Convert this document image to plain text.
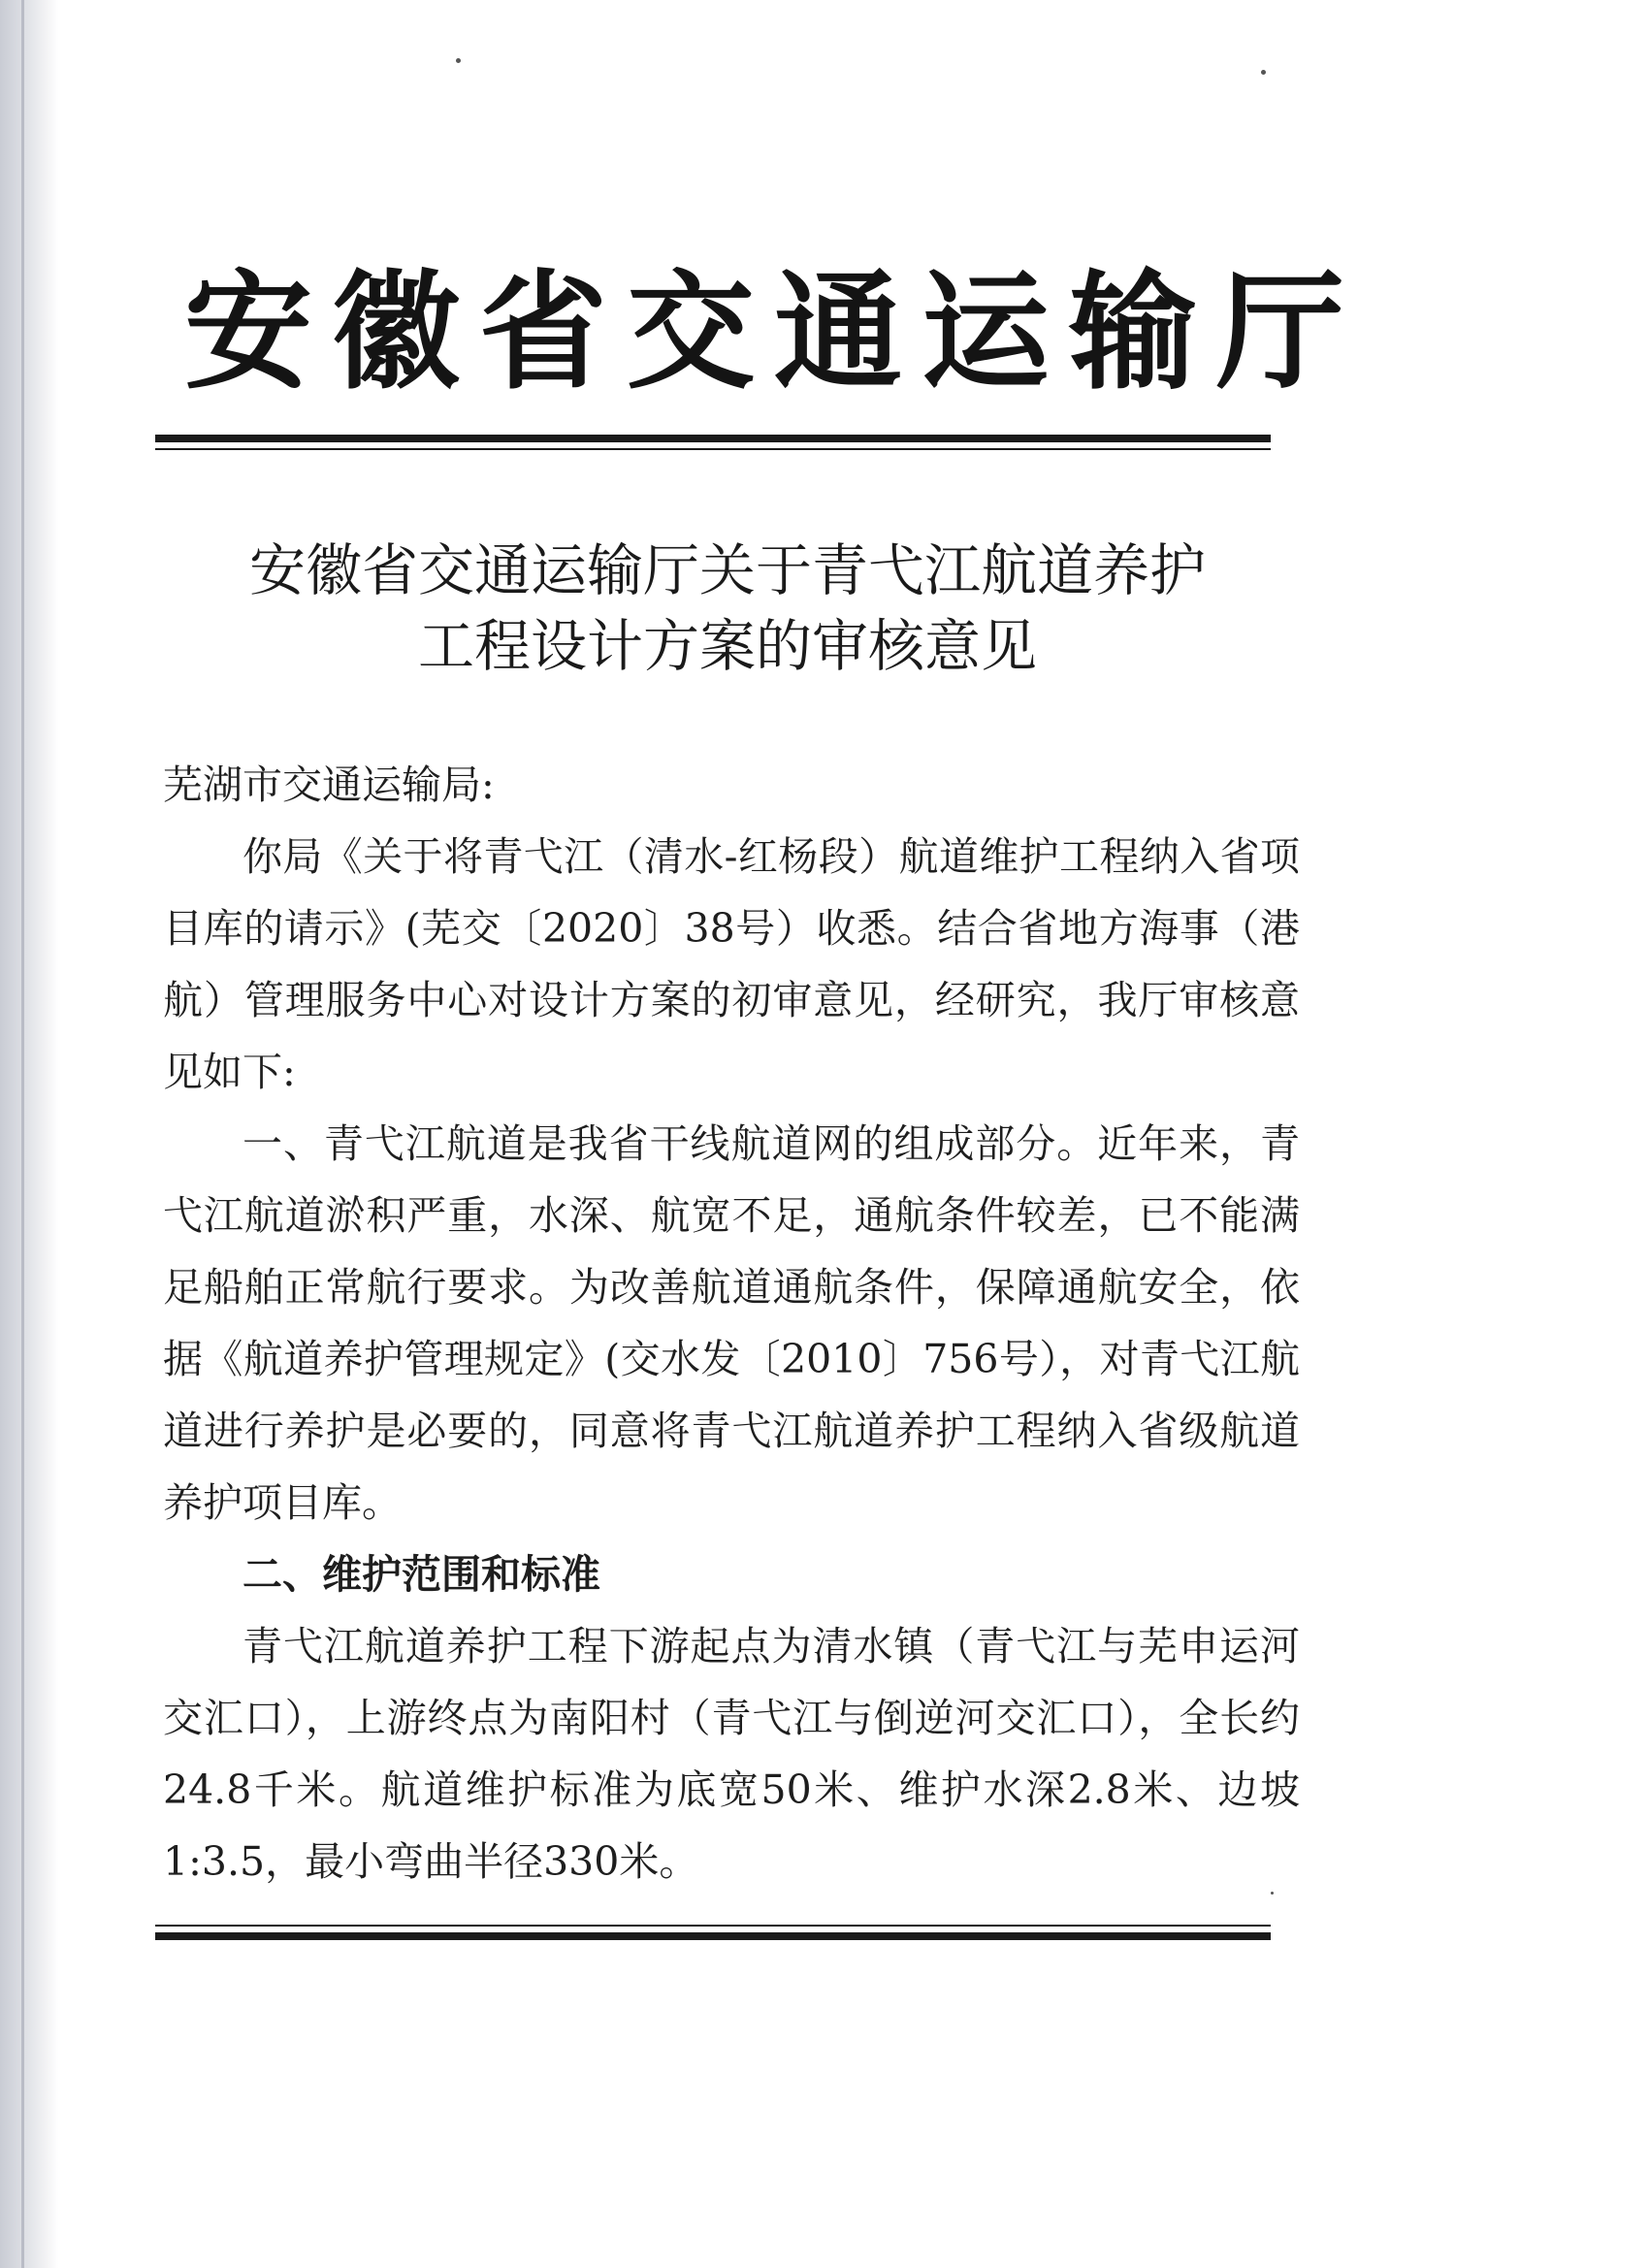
安徽省交通运输厅
安徽省交通运输厅关于青弋江航道养护
工程设计方案的审核意见

芜湖市交通运输局:

你局《关于将青弋江（清水-红杨段）航道维护工程纳入省项目库的请示》(芜交〔2020〕38号）收悉。结合省地方海事（港航）管理服务中心对设计方案的初审意见，经研究，我厅审核意见如下:

一、青弋江航道是我省干线航道网的组成部分。近年来，青弋江航道淤积严重，水深、航宽不足，通航条件较差，已不能满足船舶正常航行要求。为改善航道通航条件，保障通航安全，依据《航道养护管理规定》(交水发〔2010〕756号），对青弋江航道进行养护是必要的，同意将青弋江航道养护工程纳入省级航道养护项目库。

二、维护范围和标准

青弋江航道养护工程下游起点为清水镇（青弋江与芜申运河交汇口），上游终点为南阳村（青弋江与倒逆河交汇口），全长约24.8千米。航道维护标准为底宽50米、维护水深2.8米、边坡1:3.5，最小弯曲半径330米。
